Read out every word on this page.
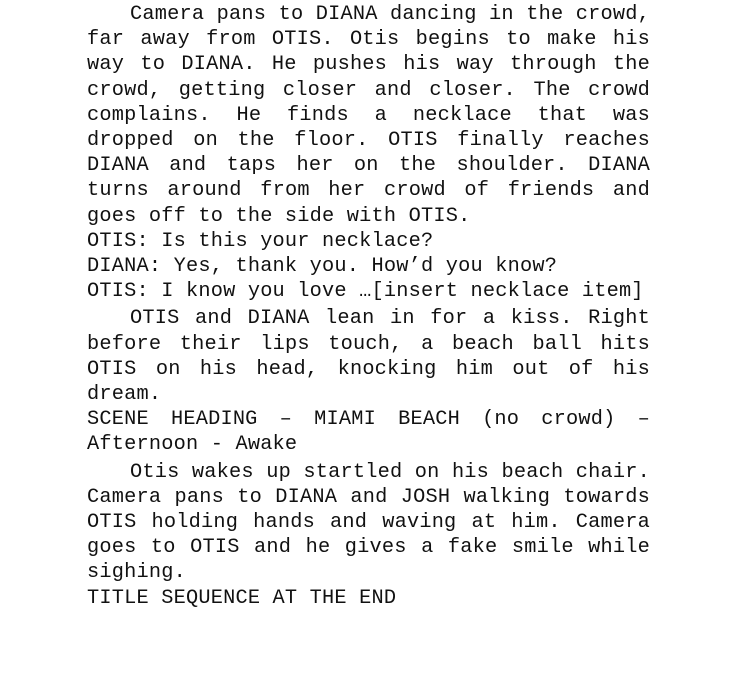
Camera pans to DIANA dancing in the crowd, far away from OTIS. Otis begins to make his way to DIANA. He pushes his way through the crowd, getting closer and closer. The crowd complains. He finds a necklace that was dropped on the floor. OTIS finally reaches DIANA and taps her on the shoulder. DIANA turns around from her crowd of friends and goes off to the side with OTIS.

OTIS: Is this your necklace?

DIANA: Yes, thank you. How’d you know?

OTIS: I know you love …[insert necklace item]

OTIS and DIANA lean in for a kiss. Right before their lips touch, a beach ball hits OTIS on his head, knocking him out of his dream.

SCENE HEADING – MIAMI BEACH (no crowd) – Afternoon - Awake

Otis wakes up startled on his beach chair. Camera pans to DIANA and JOSH walking towards OTIS holding hands and waving at him. Camera goes to OTIS and he gives a fake smile while sighing.

TITLE SEQUENCE AT THE END
